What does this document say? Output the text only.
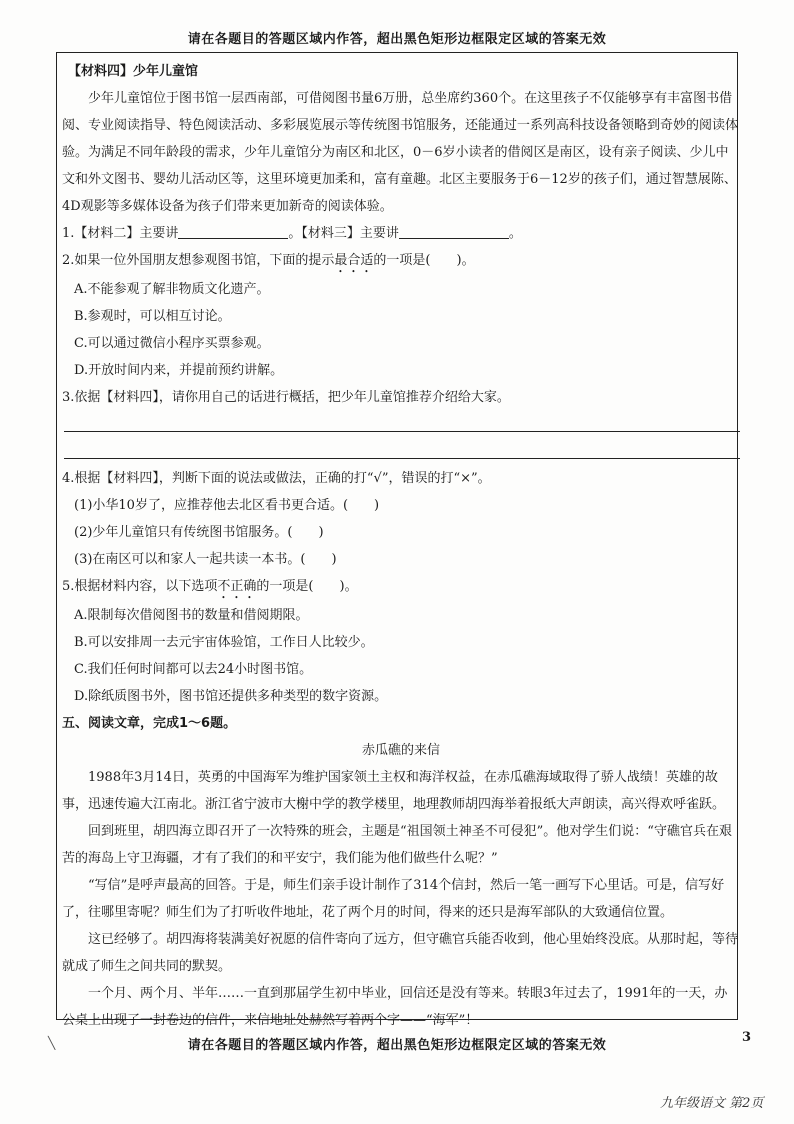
请在各题目的答题区域内作答，超出黑色矩形边框限定区域的答案无效

【材料四】少年儿童馆

少年儿童馆位于图书馆一层西南部，可借阅图书量6万册，总坐席约360个。在这里孩子不仅能够享有丰富图书借阅、专业阅读指导、特色阅读活动、多彩展览展示等传统图书馆服务，还能通过一系列高科技设备领略到奇妙的阅读体验。为满足不同年龄段的需求，少年儿童馆分为南区和北区，0－6岁小读者的借阅区是南区，设有亲子阅读、少儿中文和外文图书、婴幼儿活动区等，这里环境更加柔和，富有童趣。北区主要服务于6－12岁的孩子们，通过智慧展陈、4D观影等多媒体设备为孩子们带来更加新奇的阅读体验。

1.【材料二】主要讲	。【材料三】主要讲	。

2.如果一位外国朋友想参观图书馆，下面的提示最合适的一项是(　　)。

A.不能参观了解非物质文化遗产。

B.参观时，可以相互讨论。

C.可以通过微信小程序买票参观。

D.开放时间内来，并提前预约讲解。

3.依据【材料四】，请你用自己的话进行概括，把少年儿童馆推荐介绍给大家。

4.根据【材料四】，判断下面的说法或做法，正确的打“√”，错误的打“×”。

(1)小华10岁了，应推荐他去北区看书更合适。(　　)

(2)少年儿童馆只有传统图书馆服务。(　　)

(3)在南区可以和家人一起共读一本书。(　　)

5.根据材料内容，以下选项不正确的一项是(　　)。

A.限制每次借阅图书的数量和借阅期限。

B.可以安排周一去元宇宙体验馆，工作日人比较少。

C.我们任何时间都可以去24小时图书馆。

D.除纸质图书外，图书馆还提供多种类型的数字资源。

五、阅读文章，完成1～6题。

赤瓜礁的来信

1988年3月14日，英勇的中国海军为维护国家领土主权和海洋权益，在赤瓜礁海域取得了骄人战绩！英雄的故事，迅速传遍大江南北。浙江省宁波市大榭中学的教学楼里，地理教师胡四海举着报纸大声朗读，高兴得欢呼雀跃。

回到班里，胡四海立即召开了一次特殊的班会，主题是“祖国领土神圣不可侵犯”。他对学生们说：“守礁官兵在艰苦的海岛上守卫海疆，才有了我们的和平安宁，我们能为他们做些什么呢？”

“写信”是呼声最高的回答。于是，师生们亲手设计制作了314个信封，然后一笔一画写下心里话。可是，信写好了，往哪里寄呢？师生们为了打听收件地址，花了两个月的时间，得来的还只是海军部队的大致通信位置。

这已经够了。胡四海将装满美好祝愿的信件寄向了远方，但守礁官兵能否收到，他心里始终没底。从那时起，等待就成了师生之间共同的默契。

一个月、两个月、半年……一直到那届学生初中毕业，回信还是没有等来。转眼3年过去了，1991年的一天，办公桌上出现了一封卷边的信件，来信地址处赫然写着两个字——“海军”！

╲	请在各题目的答题区域内作答，超出黑色矩形边框限定区域的答案无效
3
九年级语文 第2页
